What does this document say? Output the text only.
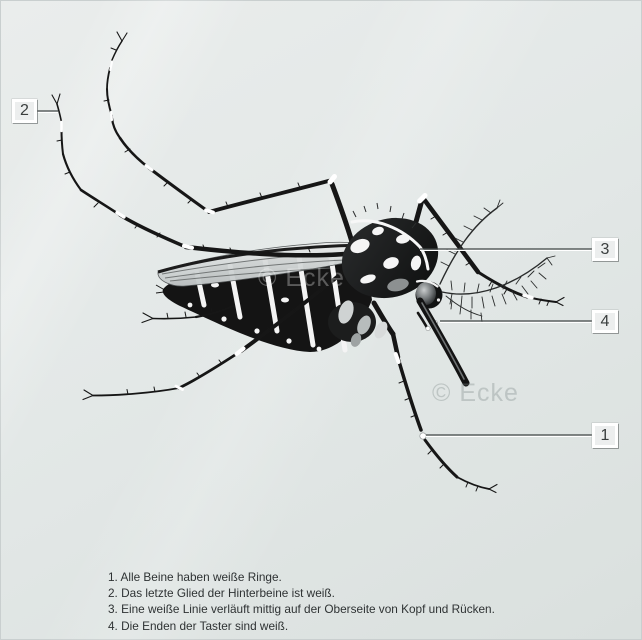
2
3
4
1
© Ecke
© Ecke

1. Alle Beine haben weiße Ringe.

2. Das letzte Glied der Hinterbeine ist weiß.

3. Eine weiße Linie verläuft mittig auf der Oberseite von Kopf und Rücken.

4. Die Enden der Taster sind weiß.
